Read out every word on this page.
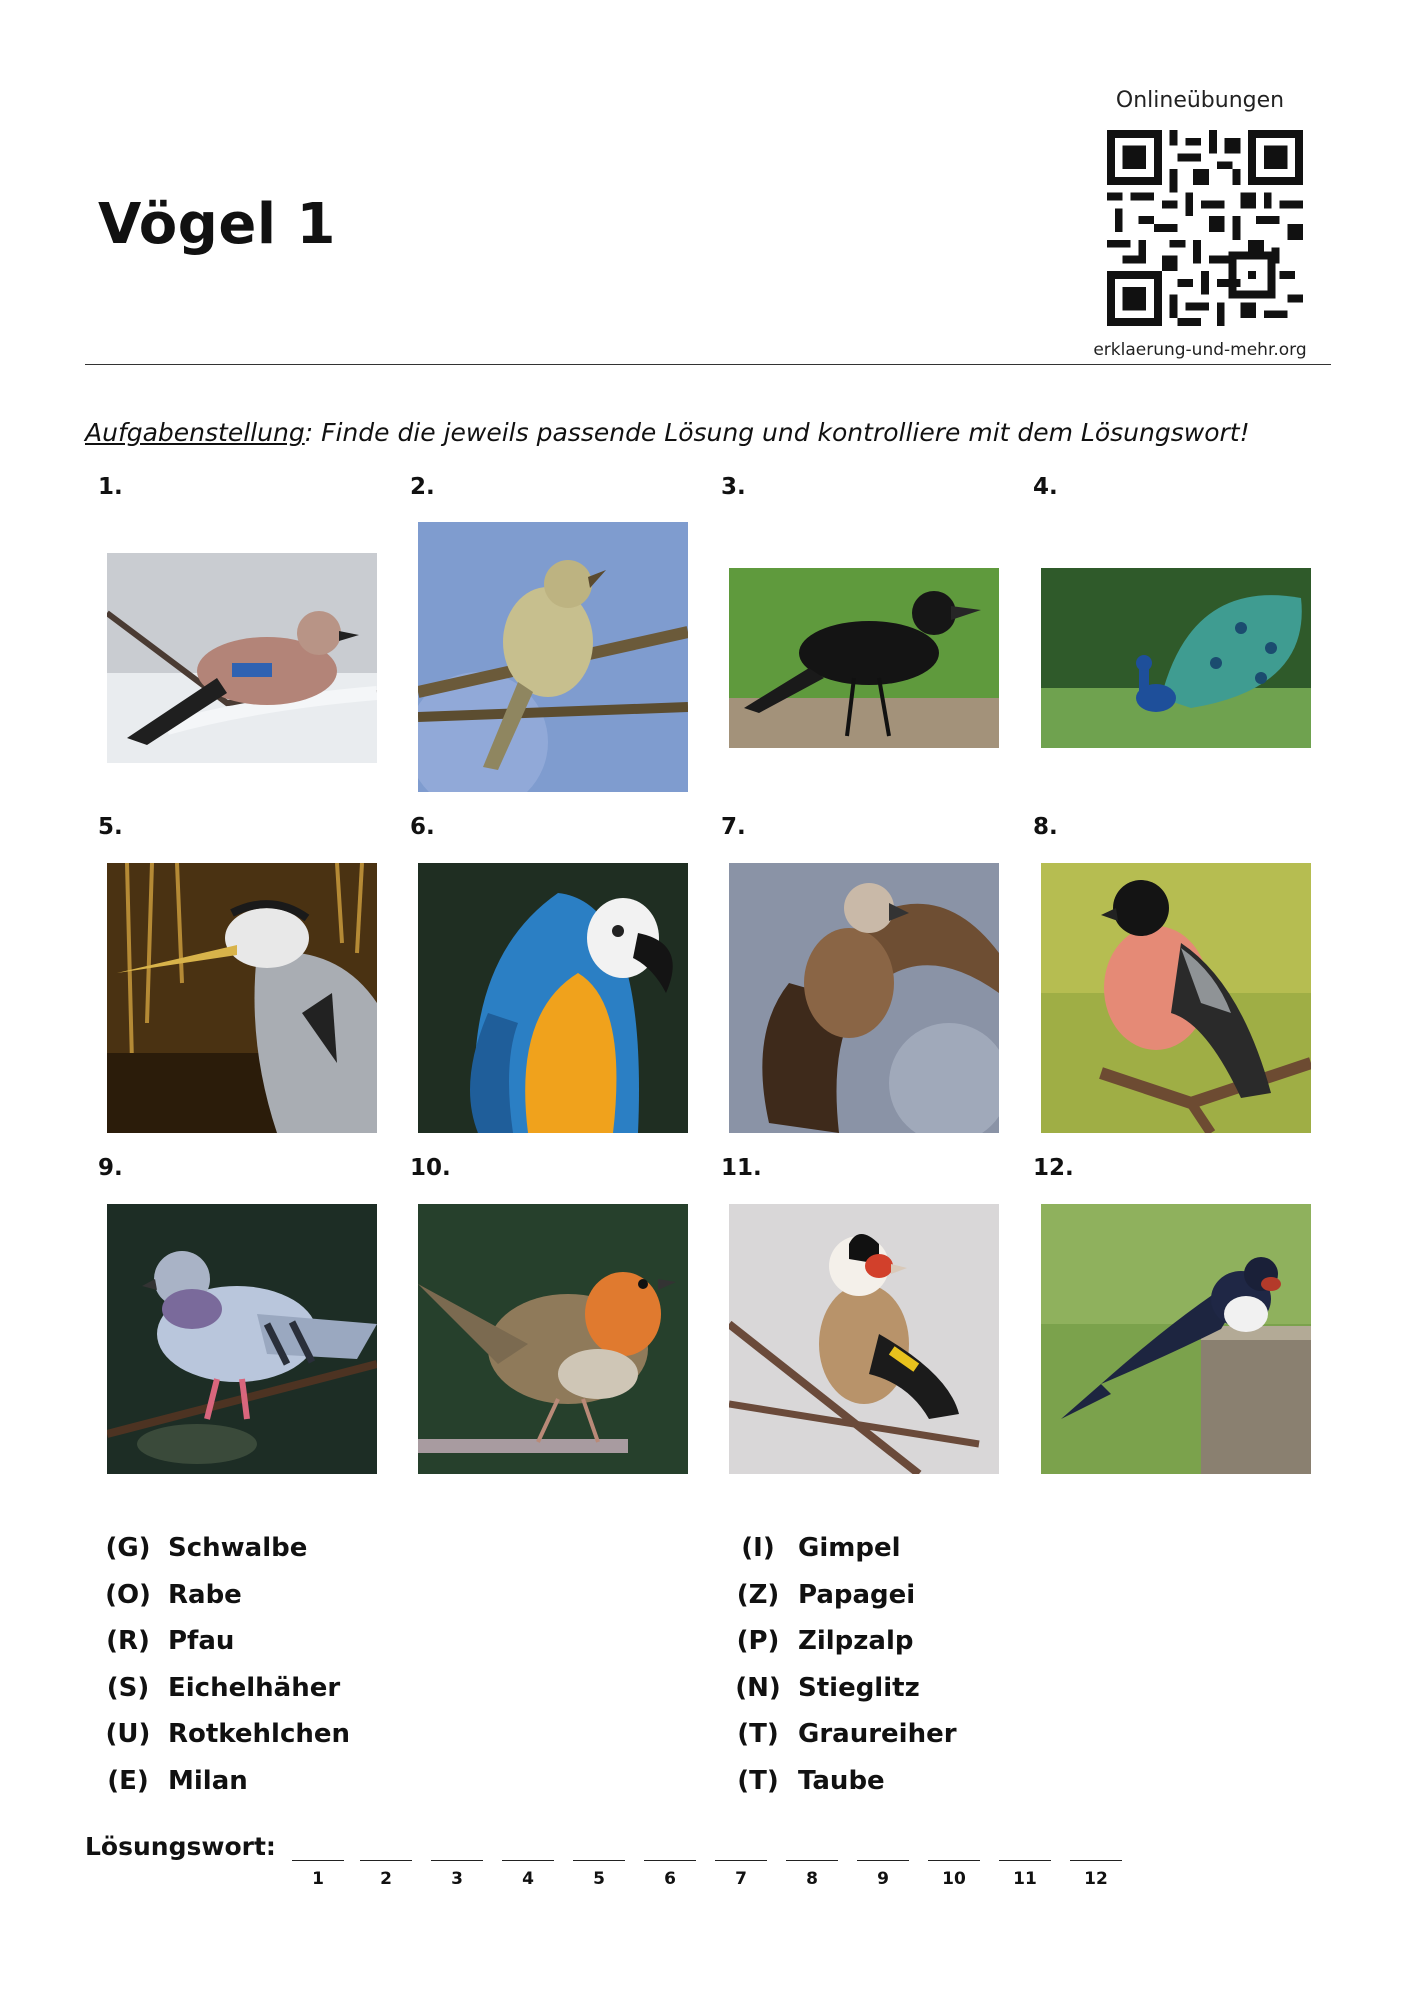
Vögel 1
Onlineübungen
erklaerung-und-mehr.org
Aufgabenstellung: Finde die jeweils passende Lösung und kontrolliere mit dem Lösungswort!
1.	2.	3.	4.
5.	6.	7.	8.
9.	10.	11.	12.
(G) Schwalbe
(O) Rabe
(R) Pfau
(S) Eichelhäher
(U) Rotkehlchen
(E) Milan
(I) Gimpel
(Z) Papagei
(P) Zilpzalp
(N) Stieglitz
(T) Graureiher
(T) Taube
Lösungswort:
1	2	3	4	5	6	7	8	9	10	11	12
